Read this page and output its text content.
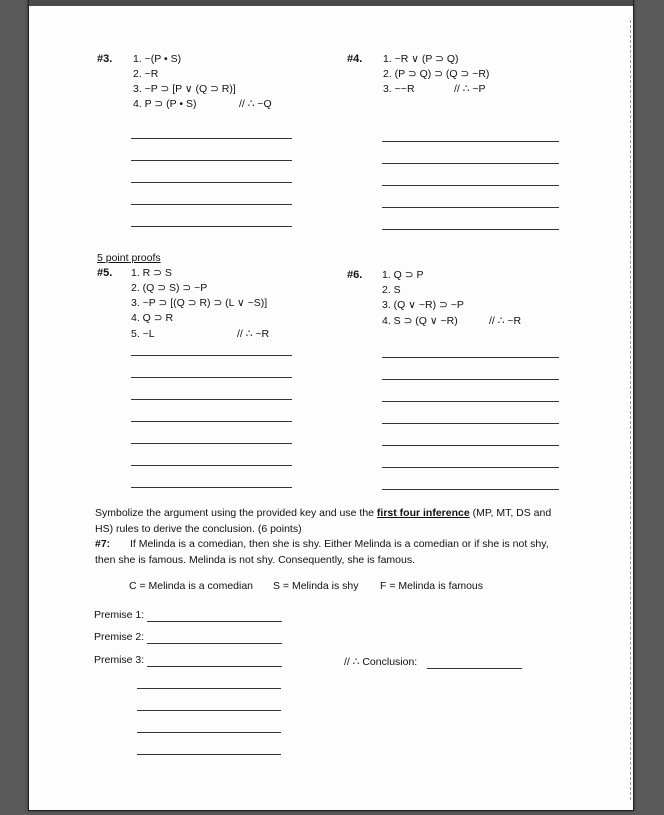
#3. 1. ~(P • S)
2. ~R
3. ~P ⊃ [P ∨ (Q ⊃ R)]
4. P ⊃ (P • S)	// ∴ ~Q
#4. 1. ~R ∨ (P ⊃ Q)
2. (P ⊃ Q) ⊃ (Q ⊃ ~R)
3. ~~R	// ∴ ~P
5 point proofs
#5. 1. R ⊃ S
2. (Q ⊃ S) ⊃ ~P
3. ~P ⊃ [(Q ⊃ R) ⊃ (L ∨ ~S)]
4. Q ⊃ R
5. ~L	// ∴ ~R
#6. 1. Q ⊃ P
2. S
3. (Q ∨ ~R) ⊃ ~P
4. S ⊃ (Q ∨ ~R)	// ∴ ~R
Symbolize the argument using the provided key and use the first four inference (MP, MT, DS and HS) rules to derive the conclusion. (6 points)
#7:	If Melinda is a comedian, then she is shy. Either Melinda is a comedian or if she is not shy, then she is famous. Melinda is not shy. Consequently, she is famous.
C = Melinda is a comedian S = Melinda is shy F = Melinda is famous
Premise 1:
Premise 2:
Premise 3:	// ∴ Conclusion:
